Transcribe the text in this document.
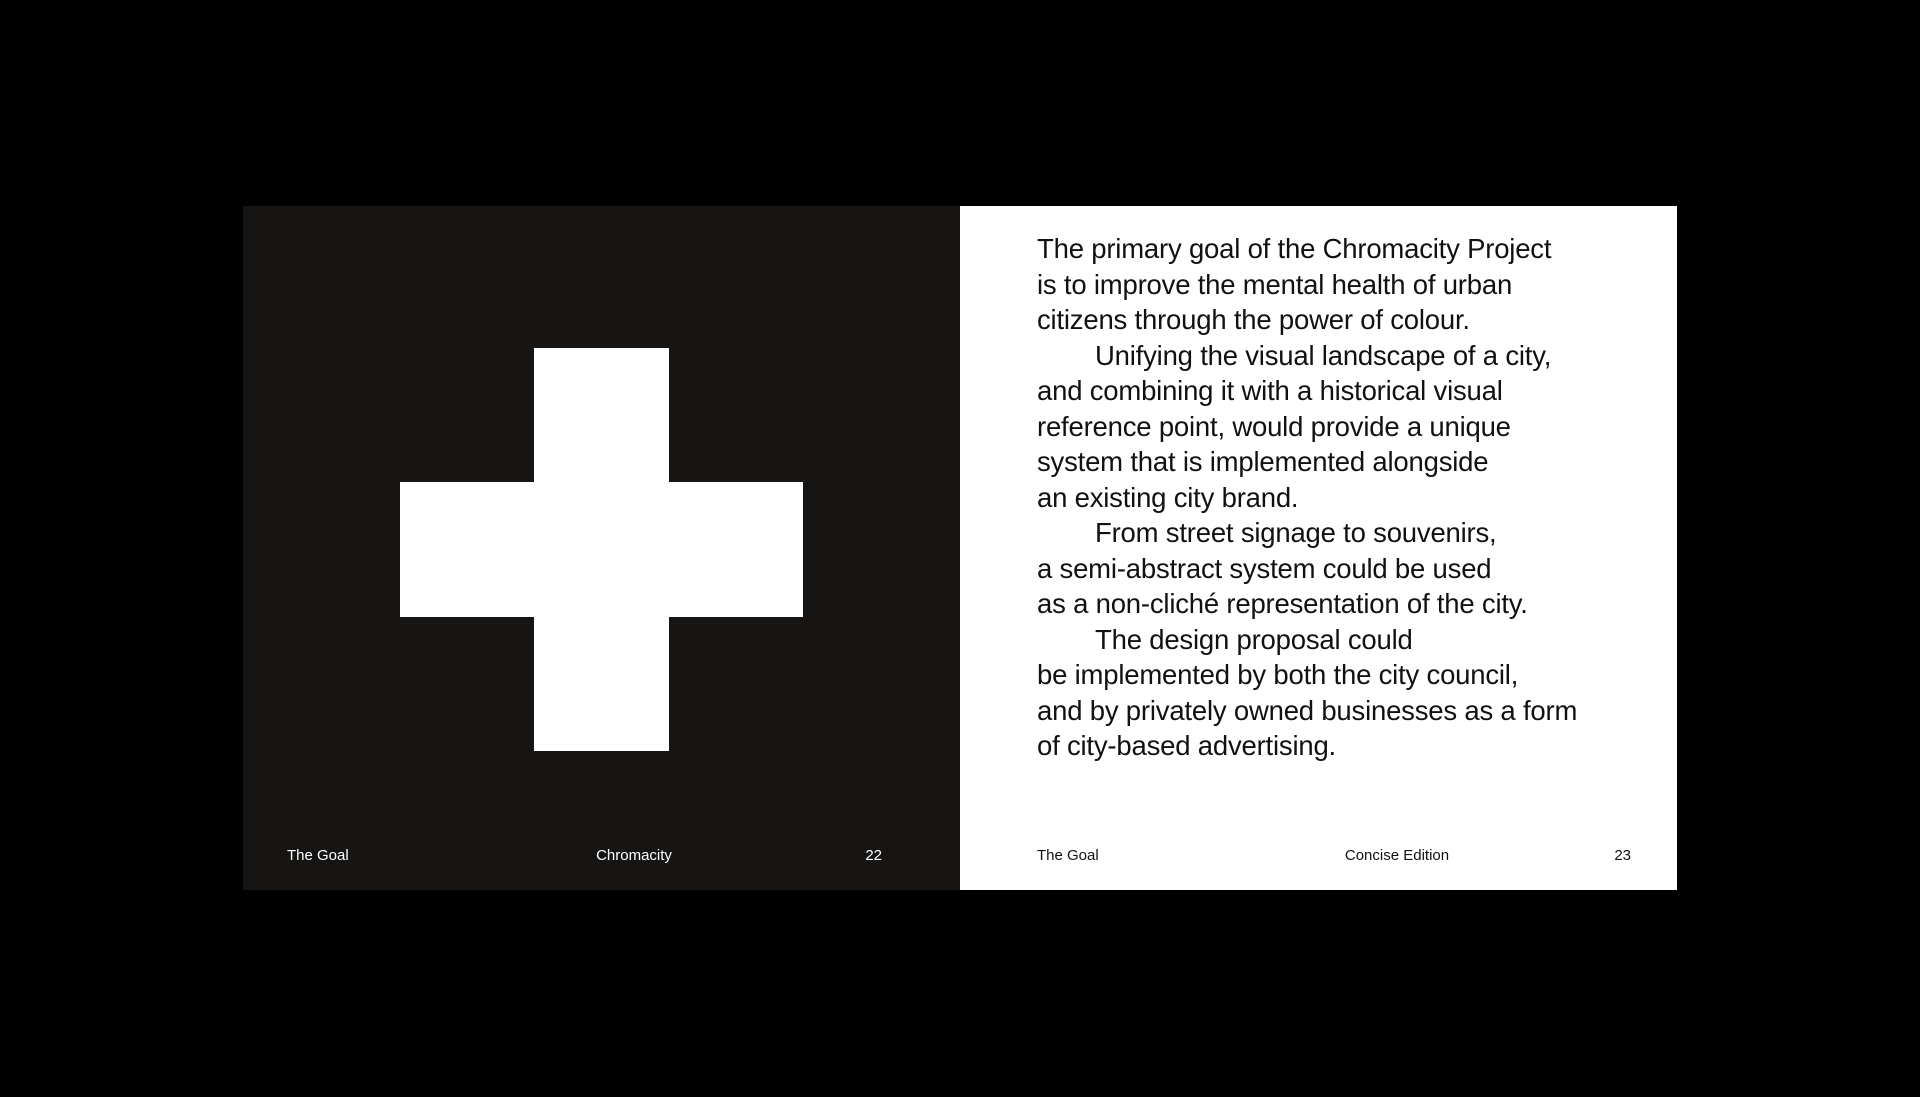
The Goal	Chromacity	22
The primary goal of the Chromacity Project
is to improve the mental health of urban
citizens through the power of colour.
Unifying the visual landscape of a city,
and combining it with a historical visual
reference point, would provide a unique
system that is implemented alongside
an existing city brand.
From street signage to souvenirs,
a semi-abstract system could be used
as a non-cliché representation of the city.
The design proposal could
be implemented by both the city council,
and by privately owned businesses as a form
of city-based advertising.
The Goal	Concise Edition	23
